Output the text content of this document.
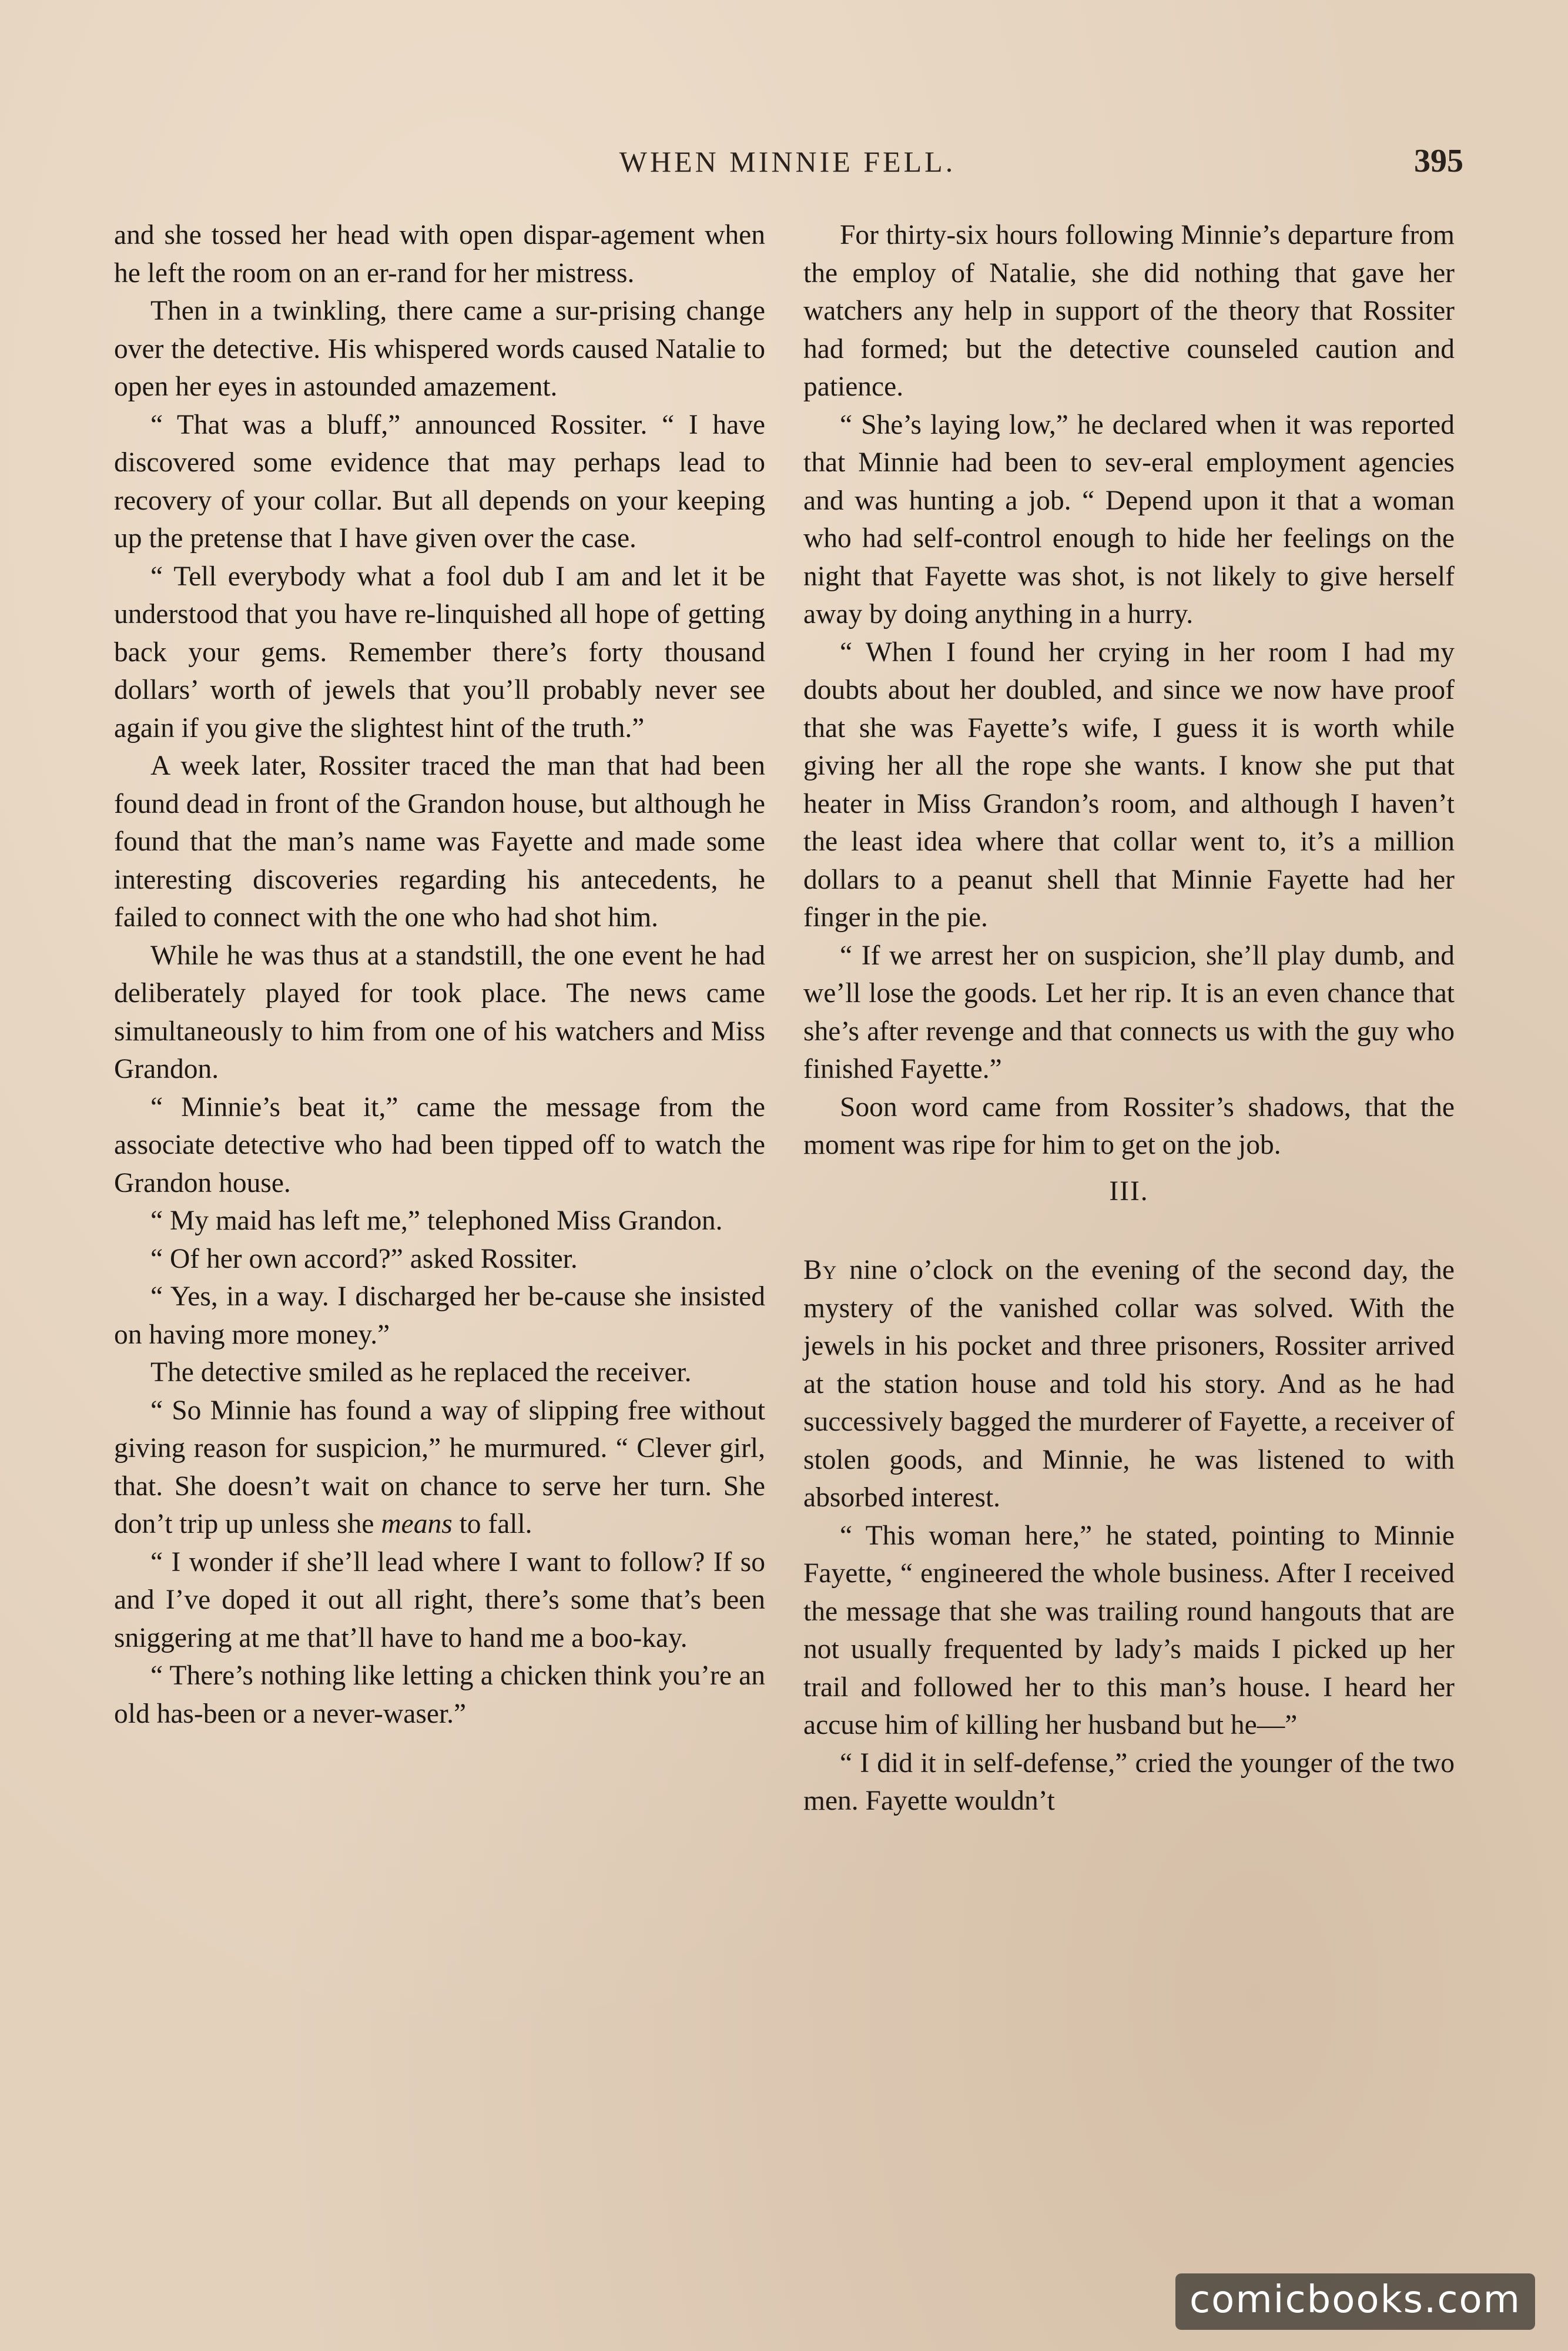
WHEN MINNIE FELL.	395

and she tossed her head with open dispar-agement when he left the room on an er-rand for her mistress.

Then in a twinkling, there came a sur-prising change over the detective. His whispered words caused Natalie to open her eyes in astounded amazement.

“ That was a bluff,” announced Rossiter. “ I have discovered some evidence that may perhaps lead to recovery of your collar. But all depends on your keeping up the pretense that I have given over the case.

“ Tell everybody what a fool dub I am and let it be understood that you have re-linquished all hope of getting back your gems. Remember there’s forty thousand dollars’ worth of jewels that you’ll probably never see again if you give the slightest hint of the truth.”

A week later, Rossiter traced the man that had been found dead in front of the Grandon house, but although he found that the man’s name was Fayette and made some interesting discoveries regarding his antecedents, he failed to connect with the one who had shot him.

While he was thus at a standstill, the one event he had deliberately played for took place. The news came simultaneously to him from one of his watchers and Miss Grandon.

“ Minnie’s beat it,” came the message from the associate detective who had been tipped off to watch the Grandon house.

“ My maid has left me,” telephoned Miss Grandon.

“ Of her own accord?” asked Rossiter.

“ Yes, in a way. I discharged her be-cause she insisted on having more money.”

The detective smiled as he replaced the receiver.

“ So Minnie has found a way of slipping free without giving reason for suspicion,” he murmured. “ Clever girl, that. She doesn’t wait on chance to serve her turn. She don’t trip up unless she means to fall.

“ I wonder if she’ll lead where I want to follow? If so and I’ve doped it out all right, there’s some that’s been sniggering at me that’ll have to hand me a boo-kay.

“ There’s nothing like letting a chicken think you’re an old has-been or a never-waser.”

For thirty-six hours following Minnie’s departure from the employ of Natalie, she did nothing that gave her watchers any help in support of the theory that Rossiter had formed; but the detective counseled caution and patience.

“ She’s laying low,” he declared when it was reported that Minnie had been to sev-eral employment agencies and was hunting a job. “ Depend upon it that a woman who had self-control enough to hide her feelings on the night that Fayette was shot, is not likely to give herself away by doing anything in a hurry.

“ When I found her crying in her room I had my doubts about her doubled, and since we now have proof that she was Fayette’s wife, I guess it is worth while giving her all the rope she wants. I know she put that heater in Miss Grandon’s room, and although I haven’t the least idea where that collar went to, it’s a million dollars to a peanut shell that Minnie Fayette had her finger in the pie.

“ If we arrest her on suspicion, she’ll play dumb, and we’ll lose the goods. Let her rip. It is an even chance that she’s after revenge and that connects us with the guy who finished Fayette.”

Soon word came from Rossiter’s shadows, that the moment was ripe for him to get on the job.

III.

By nine o’clock on the evening of the second day, the mystery of the vanished collar was solved. With the jewels in his pocket and three prisoners, Rossiter arrived at the station house and told his story. And as he had successively bagged the murderer of Fayette, a receiver of stolen goods, and Minnie, he was listened to with absorbed interest.

“ This woman here,” he stated, pointing to Minnie Fayette, “ engineered the whole business. After I received the message that she was trailing round hangouts that are not usually frequented by lady’s maids I picked up her trail and followed her to this man’s house. I heard her accuse him of killing her husband but he—”

“ I did it in self-defense,” cried the younger of the two men. Fayette wouldn’t

comicbooks.com
